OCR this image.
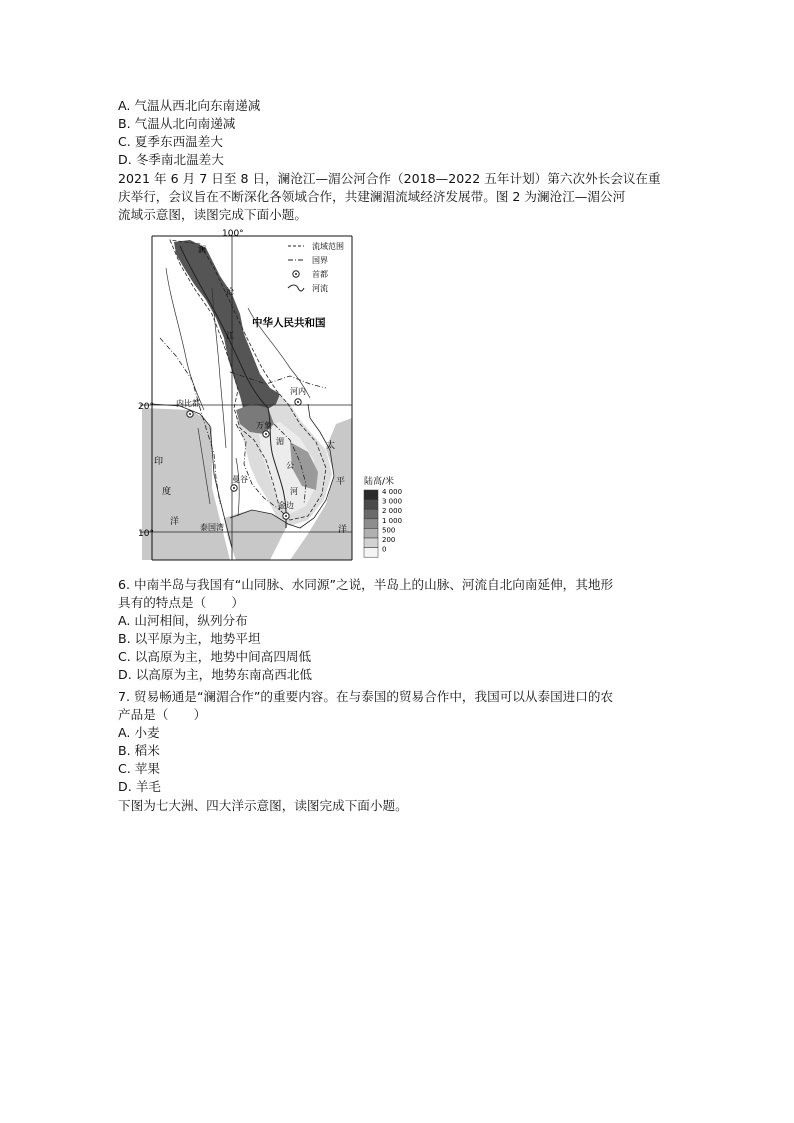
A. 气温从西北向东南递减
B. 气温从北向南递减
C. 夏季东西温差大
D. 冬季南北温差大
2021 年 6 月 7 日至 8 日，澜沧江—湄公河合作（2018—2022 五年计划）第六次外长会议在重
庆举行，会议旨在不断深化各领域合作，共建澜湄流域经济发展带。图 2 为澜沧江—湄公河
流域示意图，读图完成下面小题。
100°
20°
10°
流域范围
国界
首都
河流
中华人民共和国
澜
沧
江
湄
公
河
印
度
洋
太
平
洋
泰国湾
河内
内比都
万象
曼谷
金边
陆高/米
4 000
3 000
2 000
1 000
500
200
0
6. 中南半岛与我国有“山同脉、水同源”之说，半岛上的山脉、河流自北向南延伸，其地形
具有的特点是（　　）
A. 山河相间，纵列分布
B. 以平原为主，地势平坦
C. 以高原为主，地势中间高四周低
D. 以高原为主，地势东南高西北低
7. 贸易畅通是“澜湄合作”的重要内容。在与泰国的贸易合作中，我国可以从泰国进口的农
产品是（　　）
A. 小麦
B. 稻米
C. 苹果
D. 羊毛
下图为七大洲、四大洋示意图，读图完成下面小题。
